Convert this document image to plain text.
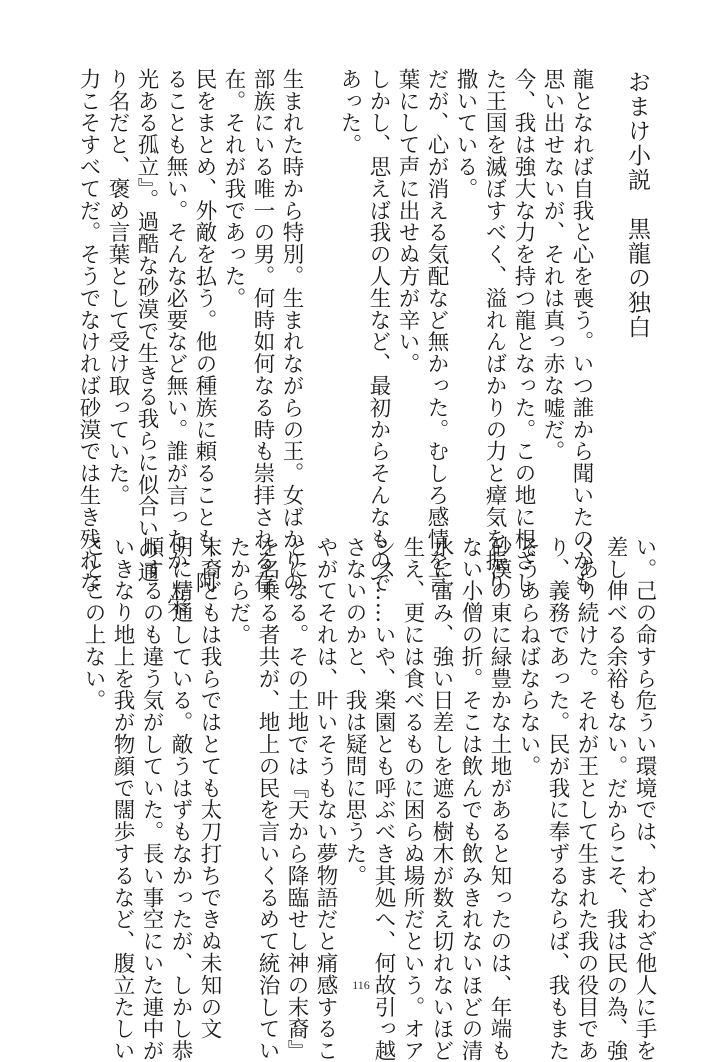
おまけ小説　黒龍の独白
龍となれば自我と心を喪う。いつ誰から聞いたのかも
思い出せないが、それは真っ赤な嘘だ。
今、我は強大な力を持つ龍となった。この地に根ざし
た王国を滅ぼすべく、溢れんばかりの力と瘴気を振り
撒いている。
だが、心が消える気配など無かった。むしろ感情を言
葉にして声に出せぬ方が辛い。
しかし、思えば我の人生など、最初からそんなもので
あった。
生まれた時から特別。生まれながらの王。女ばかりの
部族にいる唯一の男。何時如何なる時も崇拝される存
在。それが我であった。
民をまとめ、外敵を払う。他の種族に頼ることも、阿
ることも無い。そんな必要など無い。誰が言ったか『栄
光ある孤立』。過酷な砂漠で生きる我らに似合いの通
り名だと、褒め言葉として受け取っていた。
力こそすべてだ。そうでなければ砂漠では生き残れな
い。己の命すら危うい環境では、わざわざ他人に手を
差し伸べる余裕もない。だからこそ、我は民の為、強
くあり続けた。それが王として生まれた我の役目であ
り、義務であった。民が我に奉ずるならば、我もまた
そうあらねばならない。
砂漠の東に緑豊かな土地があると知ったのは、年端も
ない小僧の折。そこは飲んでも飲みきれないほどの清
水に富み、強い日差しを遮る樹木が数え切れないほど
生え、更には食べるものに困らぬ場所だという。オア
シス……いや、楽園とも呼ぶべき其処へ、何故引っ越
さないのかと、我は疑問に思うた。
やがてそれは、叶いそうもない夢物語だと痛感するこ
とになる。その土地では『天から降臨せし神の末裔』
を名乗る者共が、地上の民を言いくるめて統治してい
たからだ。
末裔どもは我らではとても太刀打ちできぬ未知の文
明に精通している。敵うはずもなかったが、しかし恭
順するのも違う気がしていた。長い事空にいた連中が
いきなり地上を我が物顔で闊歩するなど、腹立たしい
ことこの上ない。
116
